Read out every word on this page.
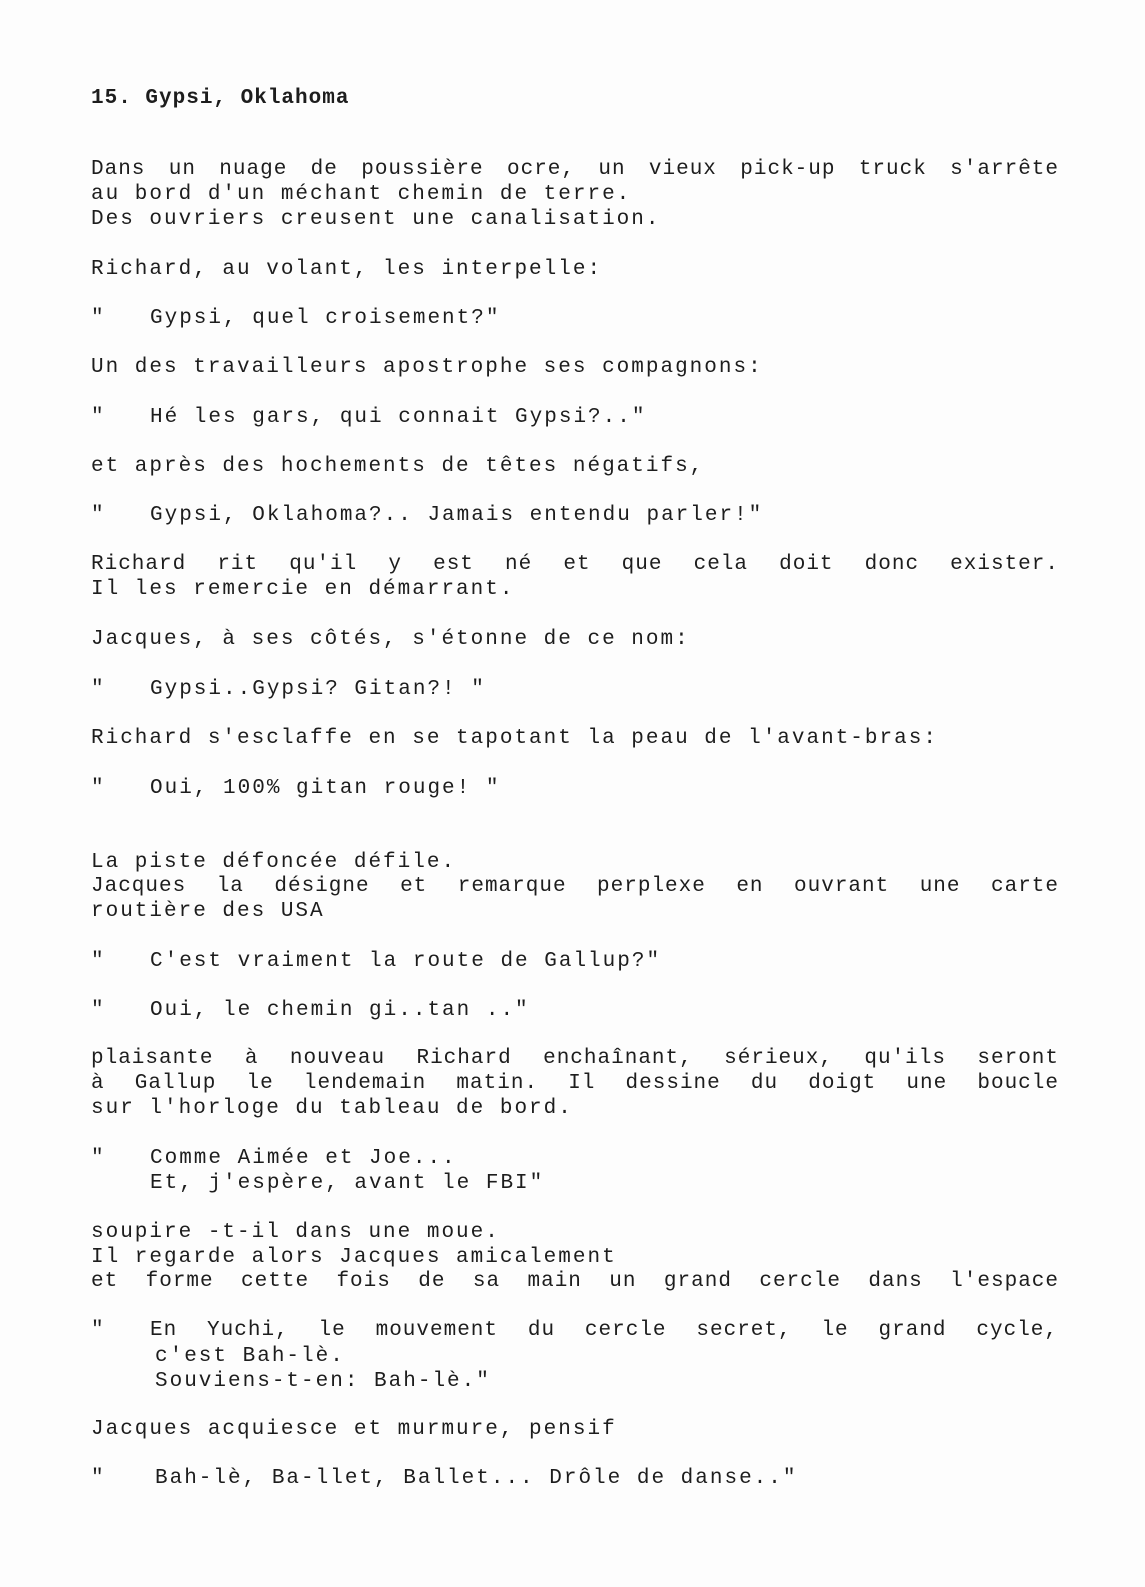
15. Gypsi, Oklahoma
Dans un nuage de poussière ocre, un vieux pick-up truck s'arrête
au bord d'un méchant chemin de terre.
Des ouvriers creusent une canalisation.
Richard, au volant, les interpelle:
" Gypsi, quel croisement?"
Un des travailleurs apostrophe ses compagnons:
" Hé les gars, qui connait Gypsi?.."
et après des hochements de têtes négatifs,
" Gypsi, Oklahoma?.. Jamais entendu parler!"
Richard rit qu'il y est né et que cela doit donc exister.
Il les remercie en démarrant.
Jacques, à ses côtés, s'étonne de ce nom:
" Gypsi..Gypsi? Gitan?! "
Richard s'esclaffe en se tapotant la peau de l'avant-bras:
" Oui, 100% gitan rouge! "
La piste défoncée défile.
Jacques la désigne et remarque perplexe en ouvrant une carte
routière des USA
" C'est vraiment la route de Gallup?"
" Oui, le chemin gi..tan .."
plaisante à nouveau Richard enchaînant, sérieux, qu'ils seront
à Gallup le lendemain matin. Il dessine du doigt une boucle
sur l'horloge du tableau de bord.
" Comme Aimée et Joe...
Et, j'espère, avant le FBI"
soupire -t-il dans une moue.
Il regarde alors Jacques amicalement
et forme cette fois de sa main un grand cercle dans l'espace
" En Yuchi, le mouvement du cercle secret, le grand cycle,
c'est Bah-lè.
Souviens-t-en: Bah-lè."
Jacques acquiesce et murmure, pensif
" Bah-lè, Ba-llet, Ballet... Drôle de danse.."
